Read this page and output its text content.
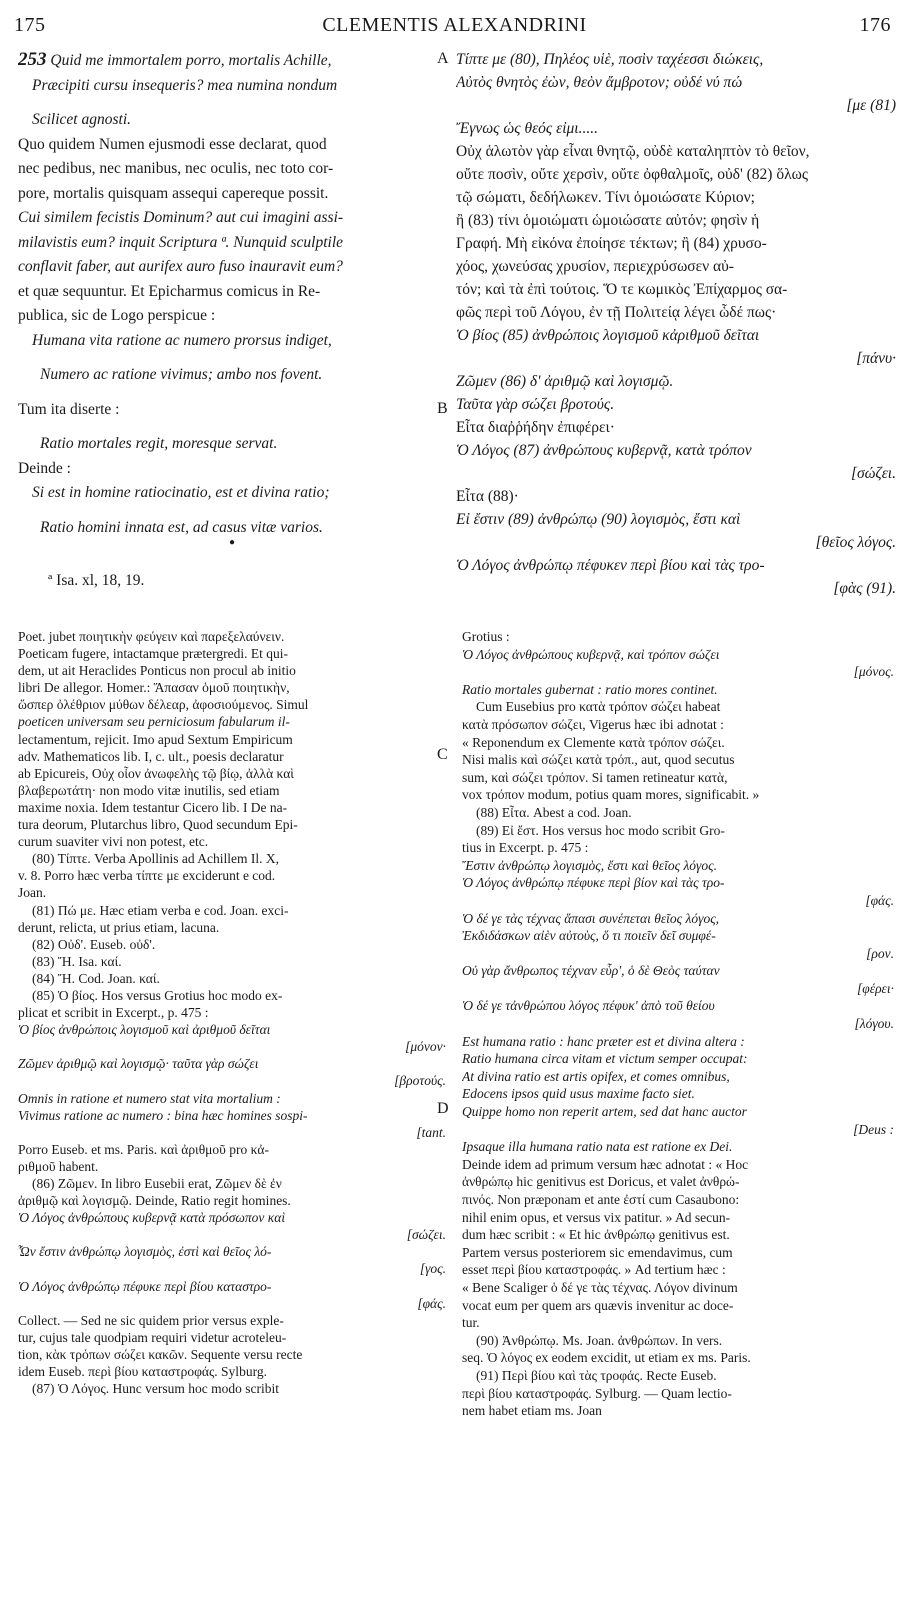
175	CLEMENTIS ALEXANDRINI	176
A
B
C
D
253 Quid me immortalem porro, mortalis Achille,
Præcipiti cursu insequeris? mea numina nondum
Scilicet agnosti.
Quo quidem Numen ejusmodi esse declarat, quod
nec pedibus, nec manibus, nec oculis, nec toto cor-
pore, mortalis quisquam assequi capereque possit.
Cui similem fecistis Dominum? aut cui imagini assi-
milavistis eum? inquit Scriptura ª. Nunquid sculptile
conflavit faber, aut aurifex auro fuso inauravit eum?
et quæ sequuntur. Et Epicharmus comicus in Re-
publica, sic de Logo perspicue :
Humana vita ratione ac numero prorsus indiget,
Numero ac ratione vivimus; ambo nos fovent.
Tum ita diserte :
Ratio mortales regit, moresque servat.
Deinde :
Si est in homine ratiocinatio, est et divina ratio;
Ratio homini innata est, ad casus vitæ varios.
●
ª Isa. xl, 18, 19.
Τίπτε με (80), Πηλέος υἱὲ, ποσὶν ταχέεσσι διώκεις,
Αὐτὸς θνητὸς ἐὼν, θεὸν ἄμβροτον; οὐδέ νύ πώ
[με (81)
Ἔγνως ὡς θεός εἰμι.....
Οὐχ ἁλωτὸν γὰρ εἶναι θνητῷ, οὐδὲ καταληπτὸν τὸ θεῖον,
οὔτε ποσὶν, οὔτε χερσὶν, οὔτε ὀφθαλμοῖς, οὐδ' (82) ὅλως
τῷ σώματι, δεδήλωκεν. Τίνι ὁμοιώσατε Κύριον;
ἢ (83) τίνι ὁμοιώματι ὡμοιώσατε αὐτόν; φησὶν ἡ
Γραφή. Μὴ εἰκόνα ἐποίησε τέκτων; ἢ (84) χρυσο-
χόος, χωνεύσας χρυσίον, περιεχρύσωσεν αὐ-
τόν; καὶ τὰ ἐπὶ τούτοις. Ὅ τε κωμικὸς Ἐπίχαρμος σα-
φῶς περὶ τοῦ Λόγου, ἐν τῇ Πολιτείᾳ λέγει ὧδέ πως·
Ὁ βίος (85) ἀνθρώποις λογισμοῦ κἀριθμοῦ δεῖται
[πάνυ·
Ζῶμεν (86) δ' ἀριθμῷ καὶ λογισμῷ.
Ταῦτα γὰρ σώζει βροτούς.
Εἶτα διαῤῥήδην ἐπιφέρει·
Ὁ Λόγος (87) ἀνθρώπους κυβερνᾷ, κατὰ τρόπον
[σώζει.
Εἶτα (88)·
Εἰ ἔστιν (89) ἀνθρώπῳ (90) λογισμὸς, ἔστι καὶ
[θεῖος λόγος.
Ὁ Λόγος ἀνθρώπῳ πέφυκεν περὶ βίου καὶ τὰς τρο-
[φὰς (91).
Poet. jubet ποιητικὴν φεύγειν καὶ παρεξελαύνειν.
Poeticam fugere, intactamque prætergredi. Et qui-
dem, ut ait Heraclides Ponticus non procul ab initio
libri De allegor. Homer.: Ἅπασαν ὁμοῦ ποιητικὴν,
ὥσπερ ὀλέθριον μύθων δέλεαρ, ἀφοσιούμενος. Simul
poeticen universam seu perniciosum fabularum il-
lectamentum, rejicit. Imo apud Sextum Empiricum
adv. Mathematicos lib. I, c. ult., poesis declaratur
ab Epicureis, Οὐχ οἷον ἀνωφελὴς τῷ βίῳ, ἀλλὰ καὶ
βλαβερωτάτη· non modo vitæ inutilis, sed etiam
maxime noxia. Idem testantur Cicero lib. I De na-
tura deorum, Plutarchus libro, Quod secundum Epi-
curum suaviter vivi non potest, etc.
(80) Τίπτε. Verba Apollinis ad Achillem Il. X,
v. 8. Porro hæc verba τίπτε με exciderunt e cod.
Joan.
(81) Πώ με. Hæc etiam verba e cod. Joan. exci-
derunt, relicta, ut prius etiam, lacuna.
(82) Οὐδ'. Euseb. οὐδ'.
(83) Ἤ. Isa. καί.
(84) Ἤ. Cod. Joan. καί.
(85) Ὁ βίος. Hos versus Grotius hoc modo ex-
plicat et scribit in Excerpt., p. 475 :
Ὁ βίος ἀνθρώποις λογισμοῦ καὶ ἀριθμοῦ δεῖται
[μόνον·
Ζῶμεν ἀριθμῷ καὶ λογισμῷ· ταῦτα γὰρ σώζει
[βροτούς.
Omnis in ratione et numero stat vita mortalium :
Vivimus ratione ac numero : bina hæc homines sospi-
[tant.
Porro Euseb. et ms. Paris. καὶ ἀριθμοῦ pro κἀ-
ριθμοῦ habent.
(86) Ζῶμεν. In libro Eusebii erat, Ζῶμεν δὲ ἐν
ἀριθμῷ καὶ λογισμῷ. Deinde, Ratio regit homines.
Ὁ Λόγος ἀνθρώπους κυβερνᾷ κατὰ πρόσωπον καὶ
[σώζει.
Ὧν ἔστιν ἀνθρώπῳ λογισμὸς, ἐστὶ καὶ θεῖος λό-
[γος.
Ὁ Λόγος ἀνθρώπῳ πέφυκε περὶ βίου καταστρο-
[φάς.
Collect. — Sed ne sic quidem prior versus explе-
tur, cujus tale quodpiam requiri videtur acrotelеu-
tion, κὰκ τρόπων σώζει κακῶν. Sequente versu recte
idem Euseb. περὶ βίου καταστροφάς. Sylburg.
(87) Ὁ Λόγος. Hunc versum hoc modo scribit
Grotius :
Ὁ Λόγος ἀνθρώπους κυβερνᾷ, καὶ τρόπον σώζει
[μόνος.
Ratio mortales gubernat : ratio mores continet.
Cum Eusebius pro κατὰ τρόπον σώζει habeat
κατὰ πρόσωπον σώζει, Vigerus hæc ibi adnotat :
« Reponendum ex Clemente κατὰ τρόπον σώζει.
Nisi malis καὶ σώζει κατὰ τρόπ., aut, quod secutus
sum, καὶ σώζει τρόπον. Si tamen retineatur κατὰ,
vox τρόπον modum, potius quam mores, significabit. »
(88) Εἶτα. Abest a cod. Joan.
(89) Εἰ ἔστ. Hos versus hoc modo scribit Gro-
tius in Excerpt. p. 475 :
Ἔστιν ἀνθρώπῳ λογισμὸς, ἔστι καὶ θεῖος λόγος.
Ὁ Λόγος ἀνθρώπῳ πέφυκε περὶ βίον καὶ τὰς τρο-
[φάς.
Ὁ δέ γε τὰς τέχνας ἅπασι συνέπεται θεῖος λόγος,
Ἐκδιδάσκων αἰὲν αὐτοὺς, ὅ τι ποιεῖν δεῖ συμφέ-
[ρον.
Οὐ γὰρ ἄνθρωπος τέχναν εὗρ', ὁ δὲ Θεὸς ταύταν
[φέρει·
Ὁ δέ γε τἀνθρώπου λόγος πέφυκ' ἀπὸ τοῦ θείου
[λόγου.
Est humana ratio : hanc præter est et divina altera :
Ratio humana circa vitam et victum semper occupat:
At divina ratio est artis opifex, et comes omnibus,
Edocens ipsos quid usus maxime facto siet.
Quippe homo non reperit artem, sed dat hanc auctor
[Deus :
Ipsaque illa humana ratio nata est ratione ex Dei.
Deinde idem ad primum versum hæc adnotat : « Hoc
ἀνθρώπῳ hic genitivus est Doricus, et valet ἀνθρώ-
πινός. Non præponam et ante ἐστί cum Casaubono:
nihil enim opus, et versus vix patitur. » Ad secun-
dum hæc scribit : « Et hic ἀνθρώπῳ genitivus est.
Partem versus posteriorem sic emendavimus, cum
esset περὶ βίου καταστροφάς. » Ad tertium hæc :
« Bene Scaliger ὁ δέ γε τὰς τέχνας. Λόγον divinum
vocat eum per quem ars quævis invenitur ac doce-
tur.
(90) Ἀνθρώπῳ. Ms. Joan. ἀνθρώπων. In vers.
seq. Ὁ λόγος ex eodem excidit, ut etiam ex ms. Paris.
(91) Περὶ βίου καὶ τὰς τροφάς. Recte Euseb.
περὶ βίου καταστροφάς. Sylburg. — Quam lectio-
nem habet etiam ms. Joan
